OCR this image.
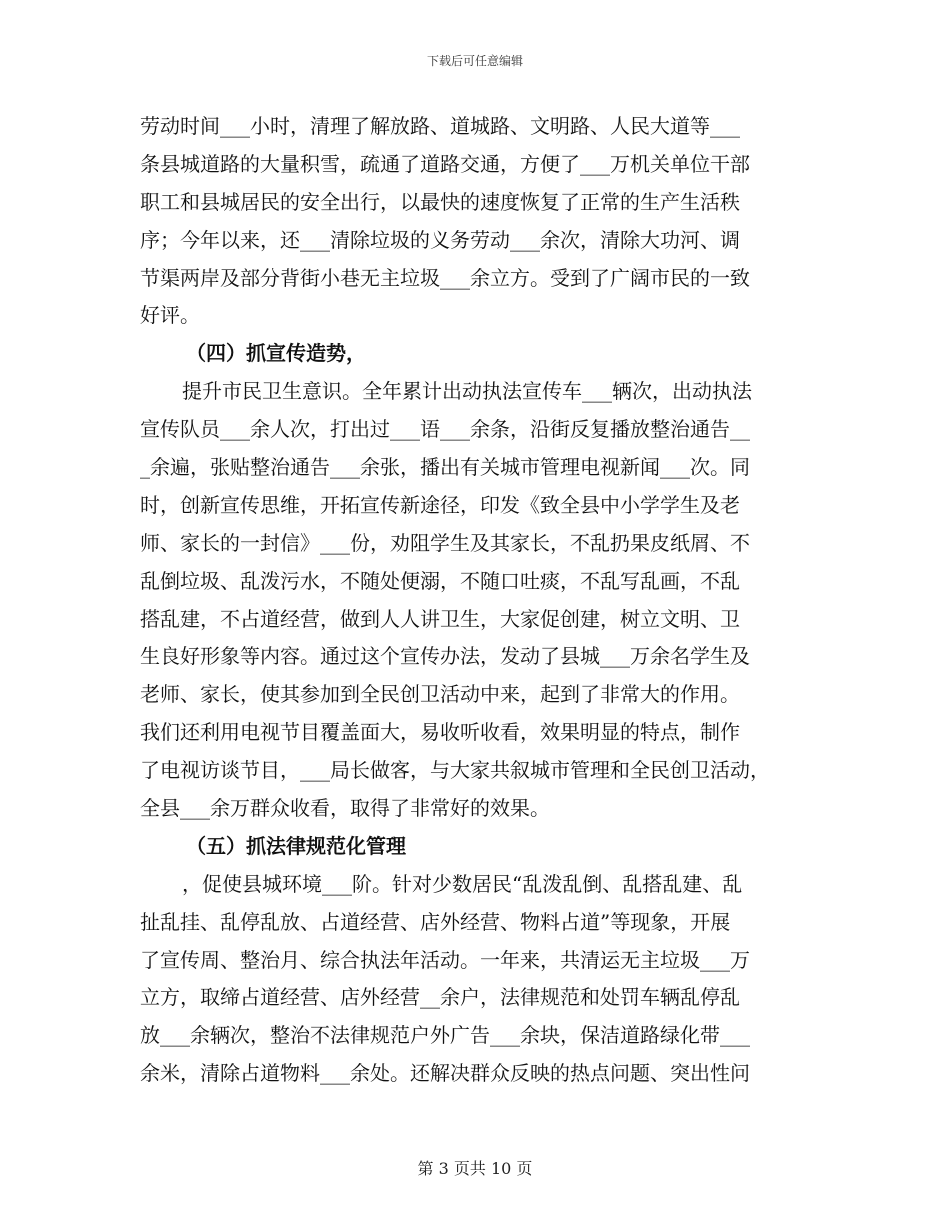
下载后可任意编辑
劳动时间___小时，清理了解放路、道城路、文明路、人民大道等___
条县城道路的大量积雪，疏通了道路交通，方便了___万机关单位干部
职工和县城居民的安全出行，以最快的速度恢复了正常的生产生活秩
序；今年以来，还___清除垃圾的义务劳动___余次，清除大功河、调
节渠两岸及部分背街小巷无主垃圾___余立方。受到了广阔市民的一致
好评。
（四）抓宣传造势，
提升市民卫生意识。全年累计出动执法宣传车___辆次，出动执法
宣传队员___余人次，打出过___语___余条，沿街反复播放整治通告__
_余遍，张贴整治通告___余张，播出有关城市管理电视新闻___次。同
时，创新宣传思维，开拓宣传新途径，印发《致全县中小学学生及老
师、家长的一封信》___份，劝阻学生及其家长，不乱扔果皮纸屑、不
乱倒垃圾、乱泼污水，不随处便溺，不随口吐痰，不乱写乱画，不乱
搭乱建，不占道经营，做到人人讲卫生，大家促创建，树立文明、卫
生良好形象等内容。通过这个宣传办法，发动了县城___万余名学生及
老师、家长，使其参加到全民创卫活动中来，起到了非常大的作用。
我们还利用电视节目覆盖面大，易收听收看，效果明显的特点，制作
了电视访谈节目，___局长做客，与大家共叙城市管理和全民创卫活动，
全县___余万群众收看，取得了非常好的效果。
（五）抓法律规范化管理
，促使县城环境___阶。针对少数居民“乱泼乱倒、乱搭乱建、乱
扯乱挂、乱停乱放、占道经营、店外经营、物料占道”等现象，开展
了宣传周、整治月、综合执法年活动。一年来，共清运无主垃圾___万
立方，取缔占道经营、店外经营__余户，法律规范和处罚车辆乱停乱
放___余辆次，整治不法律规范户外广告___余块，保洁道路绿化带___
余米，清除占道物料___余处。还解决群众反映的热点问题、突出性问
第 3 页共 10 页
